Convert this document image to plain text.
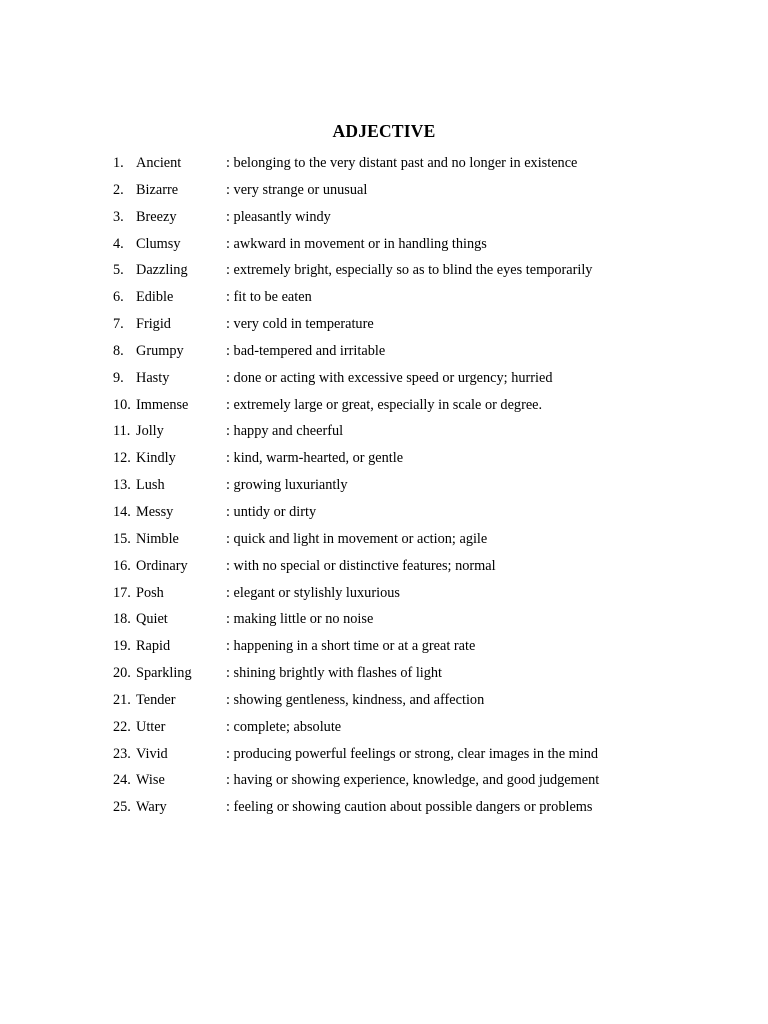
ADJECTIVE
1. Ancient	: belonging to the very distant past and no longer in existence
2. Bizarre	: very strange or unusual
3. Breezy	: pleasantly windy
4. Clumsy	: awkward in movement or in handling things
5. Dazzling	: extremely bright, especially so as to blind the eyes temporarily
6. Edible	: fit to be eaten
7. Frigid	: very cold in temperature
8. Grumpy	: bad-tempered and irritable
9. Hasty	: done or acting with excessive speed or urgency; hurried
10. Immense	: extremely large or great, especially in scale or degree.
11. Jolly	: happy and cheerful
12. Kindly	: kind, warm-hearted, or gentle
13. Lush	: growing luxuriantly
14. Messy	: untidy or dirty
15. Nimble	: quick and light in movement or action; agile
16. Ordinary	: with no special or distinctive features; normal
17. Posh	: elegant or stylishly luxurious
18. Quiet	: making little or no noise
19. Rapid	: happening in a short time or at a great rate
20. Sparkling : shining brightly with flashes of light
21. Tender	: showing gentleness, kindness, and affection
22. Utter	: complete; absolute
23. Vivid	: producing powerful feelings or strong, clear images in the mind
24. Wise	: having or showing experience, knowledge, and good judgement
25. Wary	: feeling or showing caution about possible dangers or problems
